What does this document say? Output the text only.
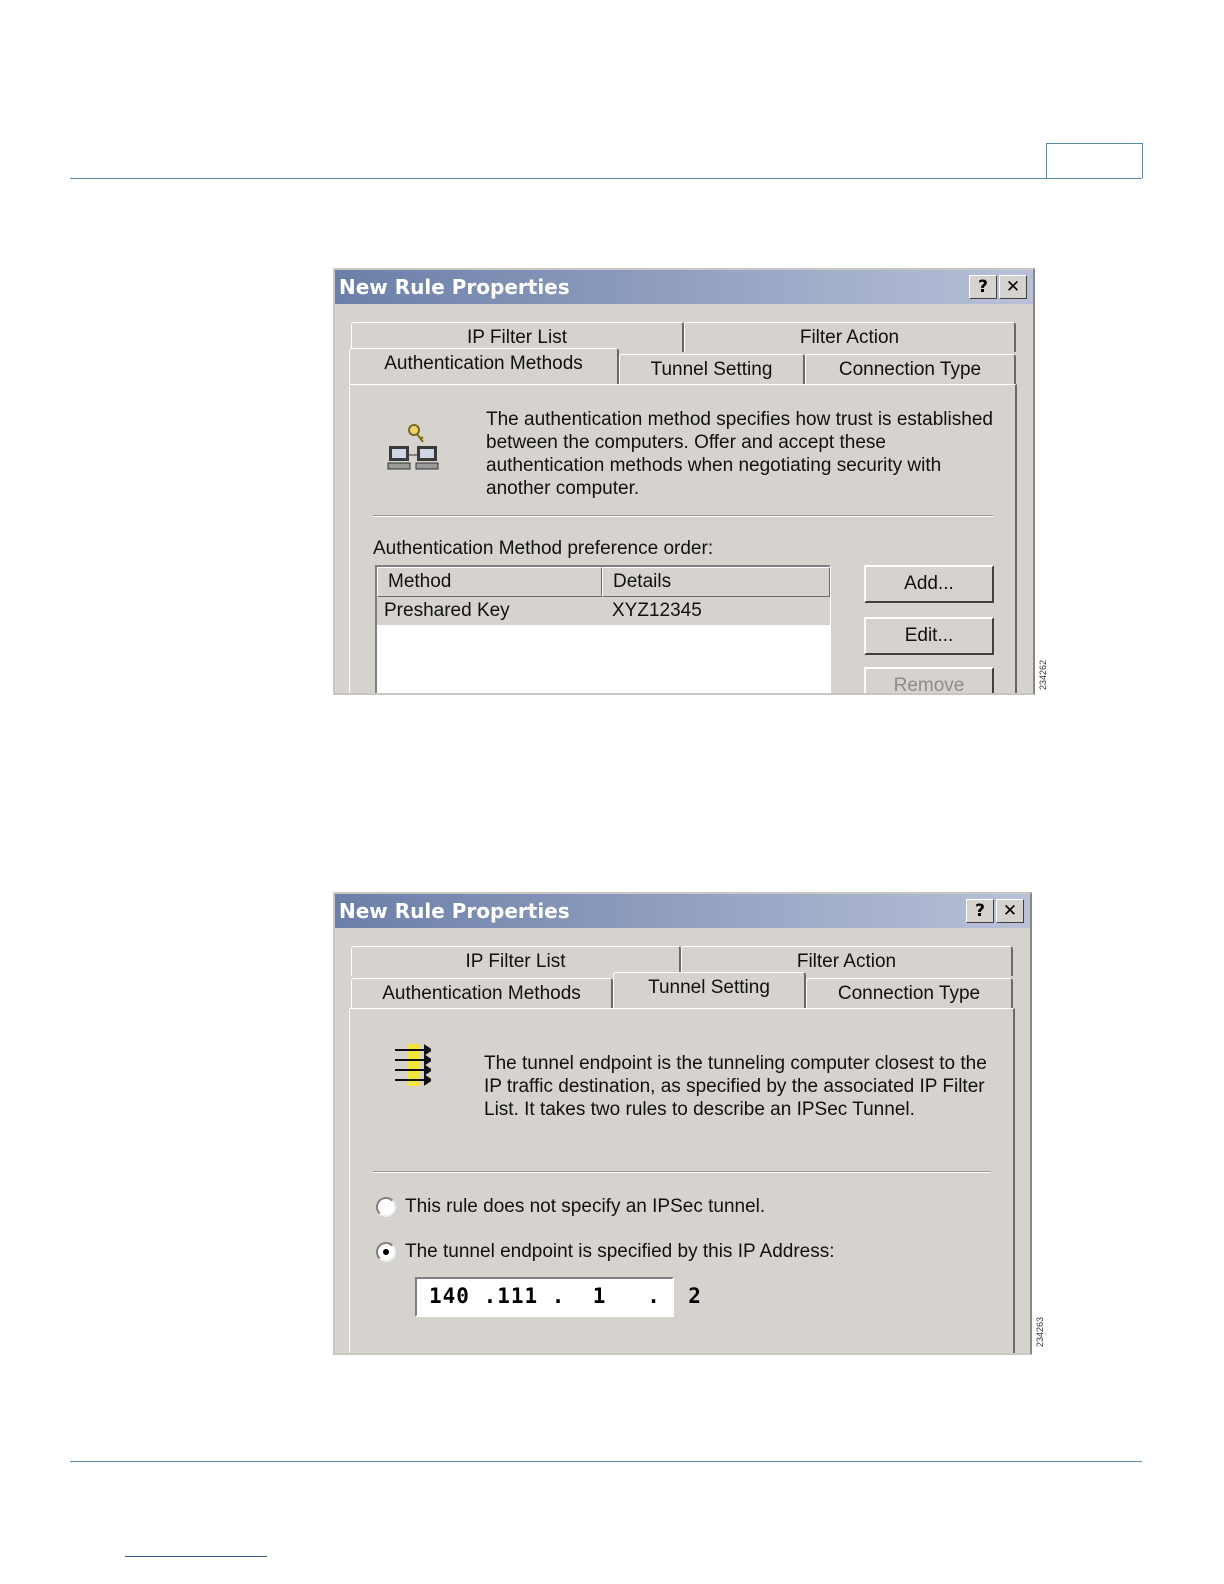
New Rule Properties	?	✕
IP Filter List	Filter Action
Authentication Methods	Tunnel Setting	Connection Type
The authentication method specifies how trust is established between the computers. Offer and accept these authentication methods when negotiating security with another computer.
Authentication Method preference order:
Method	Details
Preshared Key	XYZ12345
Add...
Edit...
Remove	234262
New Rule Properties	?	✕
IP Filter List	Filter Action
Authentication Methods	Tunnel Setting	Connection Type
The tunnel endpoint is the tunneling computer closest to the IP traffic destination, as specified by the associated IP Filter List. It takes two rules to describe an IPSec Tunnel.
This rule does not specify an IPSec tunnel.
The tunnel endpoint is specified by this IP Address:
140 .111 .  1   .  2
234263
